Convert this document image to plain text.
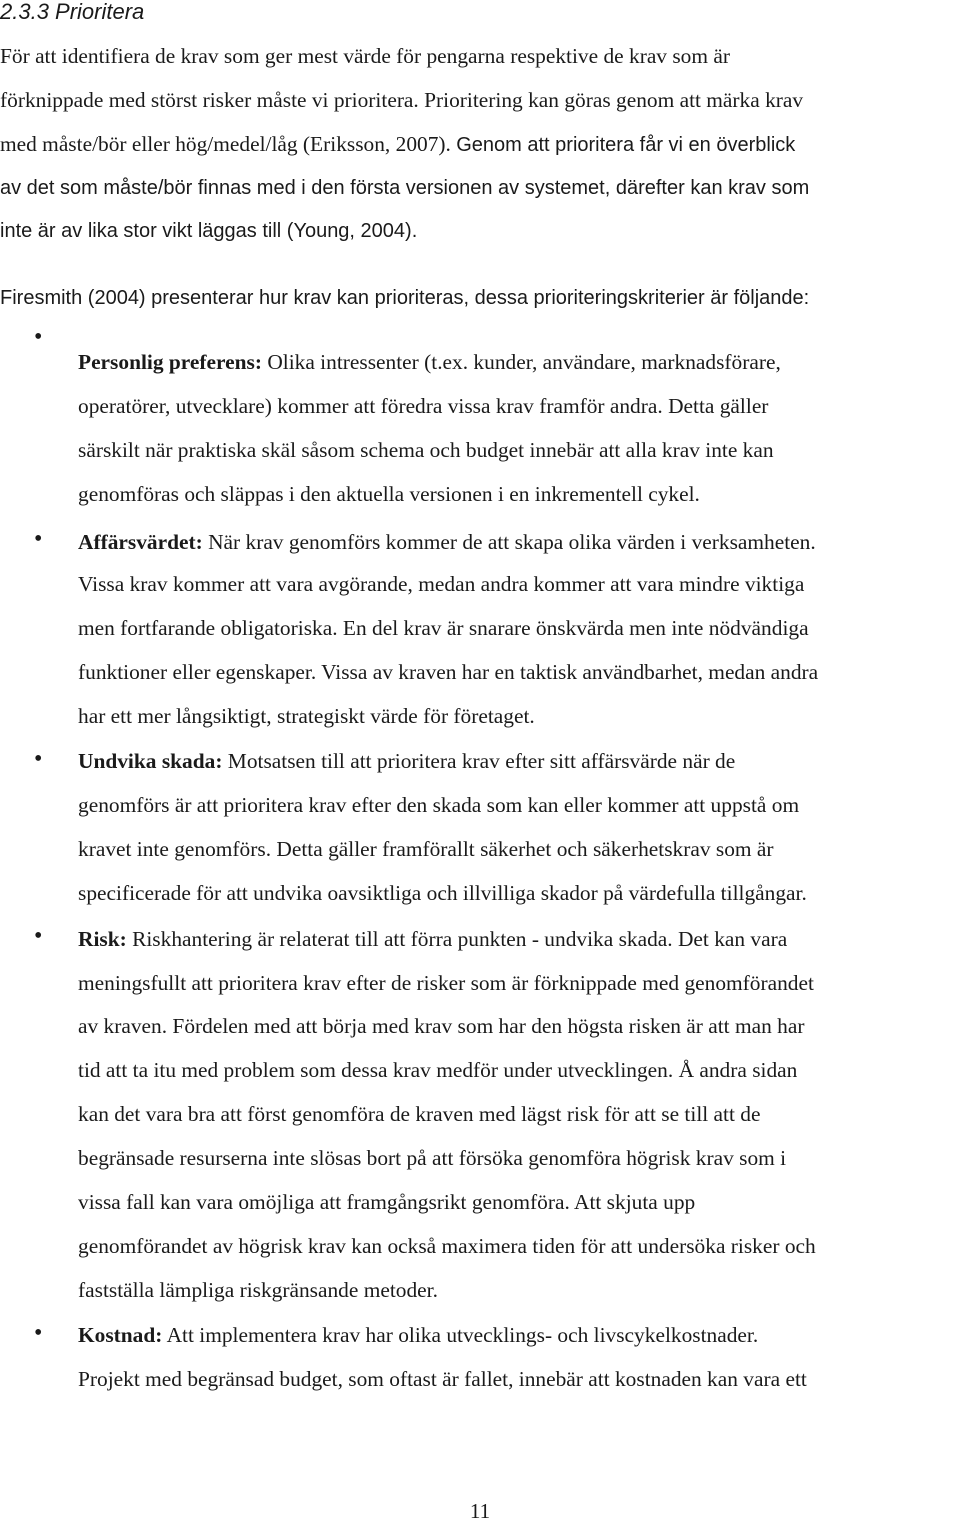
2.3.3 Prioritera

För att identifiera de krav som ger mest värde för pengarna respektive de krav som är

förknippade med störst risker måste vi prioritera. Prioritering kan göras genom att märka krav

med måste/bör eller hög/medel/låg (Eriksson, 2007). Genom att prioritera får vi en överblick

av det som måste/bör finnas med i den första versionen av systemet, därefter kan krav som

inte är av lika stor vikt läggas till (Young, 2004).

Firesmith (2004) presenterar hur krav kan prioriteras, dessa prioriteringskriterier är följande:

•

Personlig preferens: Olika intressenter (t.ex. kunder, användare, marknadsförare,

operatörer, utvecklare) kommer att föredra vissa krav framför andra. Detta gäller

särskilt när praktiska skäl såsom schema och budget innebär att alla krav inte kan

genomföras och släppas i den aktuella versionen i en inkrementell cykel.

• Affärsvärdet: När krav genomförs kommer de att skapa olika värden i verksamheten.

Vissa krav kommer att vara avgörande, medan andra kommer att vara mindre viktiga

men fortfarande obligatoriska. En del krav är snarare önskvärda men inte nödvändiga

funktioner eller egenskaper. Vissa av kraven har en taktisk användbarhet, medan andra

har ett mer långsiktigt, strategiskt värde för företaget.

• Undvika skada: Motsatsen till att prioritera krav efter sitt affärsvärde när de

genomförs är att prioritera krav efter den skada som kan eller kommer att uppstå om

kravet inte genomförs. Detta gäller framförallt säkerhet och säkerhetskrav som är

specificerade för att undvika oavsiktliga och illvilliga skador på värdefulla tillgångar.

• Risk: Riskhantering är relaterat till att förra punkten - undvika skada. Det kan vara

meningsfullt att prioritera krav efter de risker som är förknippade med genomförandet

av kraven. Fördelen med att börja med krav som har den högsta risken är att man har

tid att ta itu med problem som dessa krav medför under utvecklingen. Å andra sidan

kan det vara bra att först genomföra de kraven med lägst risk för att se till att de

begränsade resurserna inte slösas bort på att försöka genomföra högrisk krav som i

vissa fall kan vara omöjliga att framgångsrikt genomföra. Att skjuta upp

genomförandet av högrisk krav kan också maximera tiden för att undersöka risker och

fastställa lämpliga riskgränsande metoder.

• Kostnad: Att implementera krav har olika utvecklings- och livscykelkostnader.

Projekt med begränsad budget, som oftast är fallet, innebär att kostnaden kan vara ett

11
